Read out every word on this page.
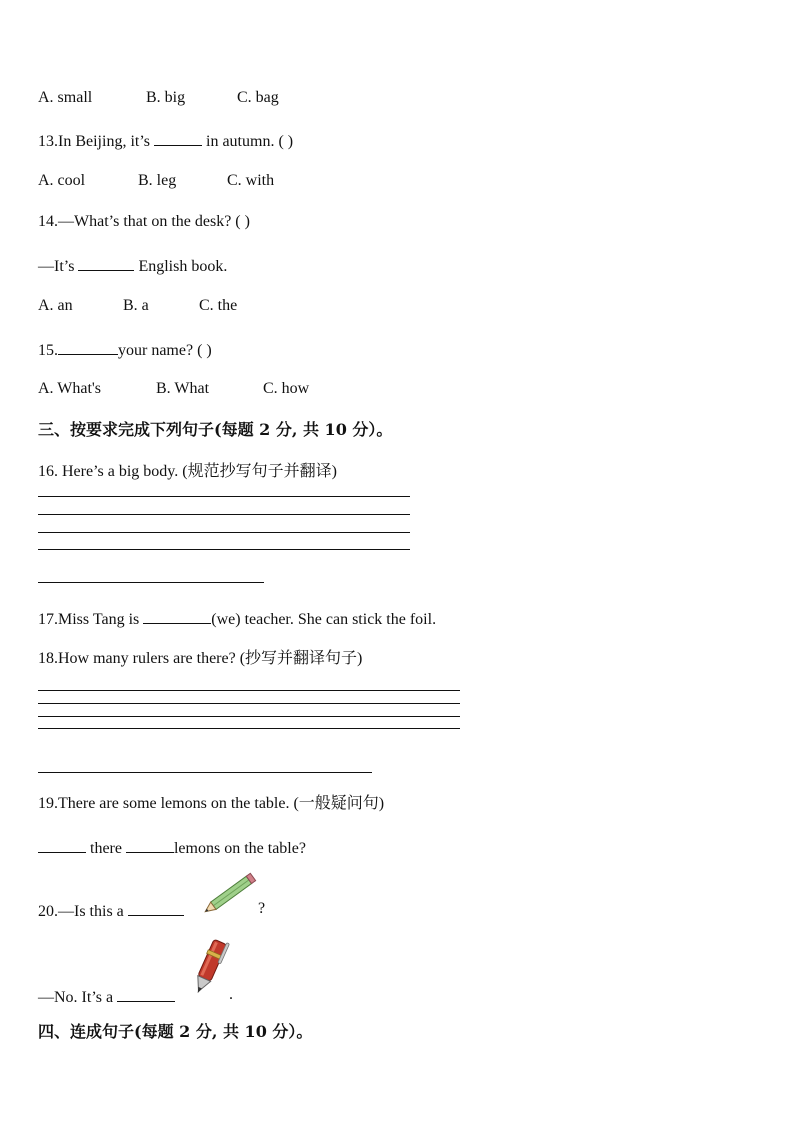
A. small	B. big	C. bag
13.In Beijing, it’s	in autumn. ( )
A. cool	B. leg	C. with
14.—What’s that on the desk? ( )
—It’s	English book.
A. an	B. a	C. the
15.	your name? ( )
A. What's	B. What	C. how
三、按要求完成下列句子(每题 2 分, 共 10 分）。
16. Here’s a big body. (规范抄写句子并翻译)
17.Miss Tang is	(we) teacher. She can stick the foil.
18.How many rulers are there? (抄写并翻译句子)
19.There are some lemons on the table. (一般疑问句)
there	lemons on the table?
20.—Is this a	?
—No. It’s a	.
四、连成句子(每题 2 分, 共 10 分）。
